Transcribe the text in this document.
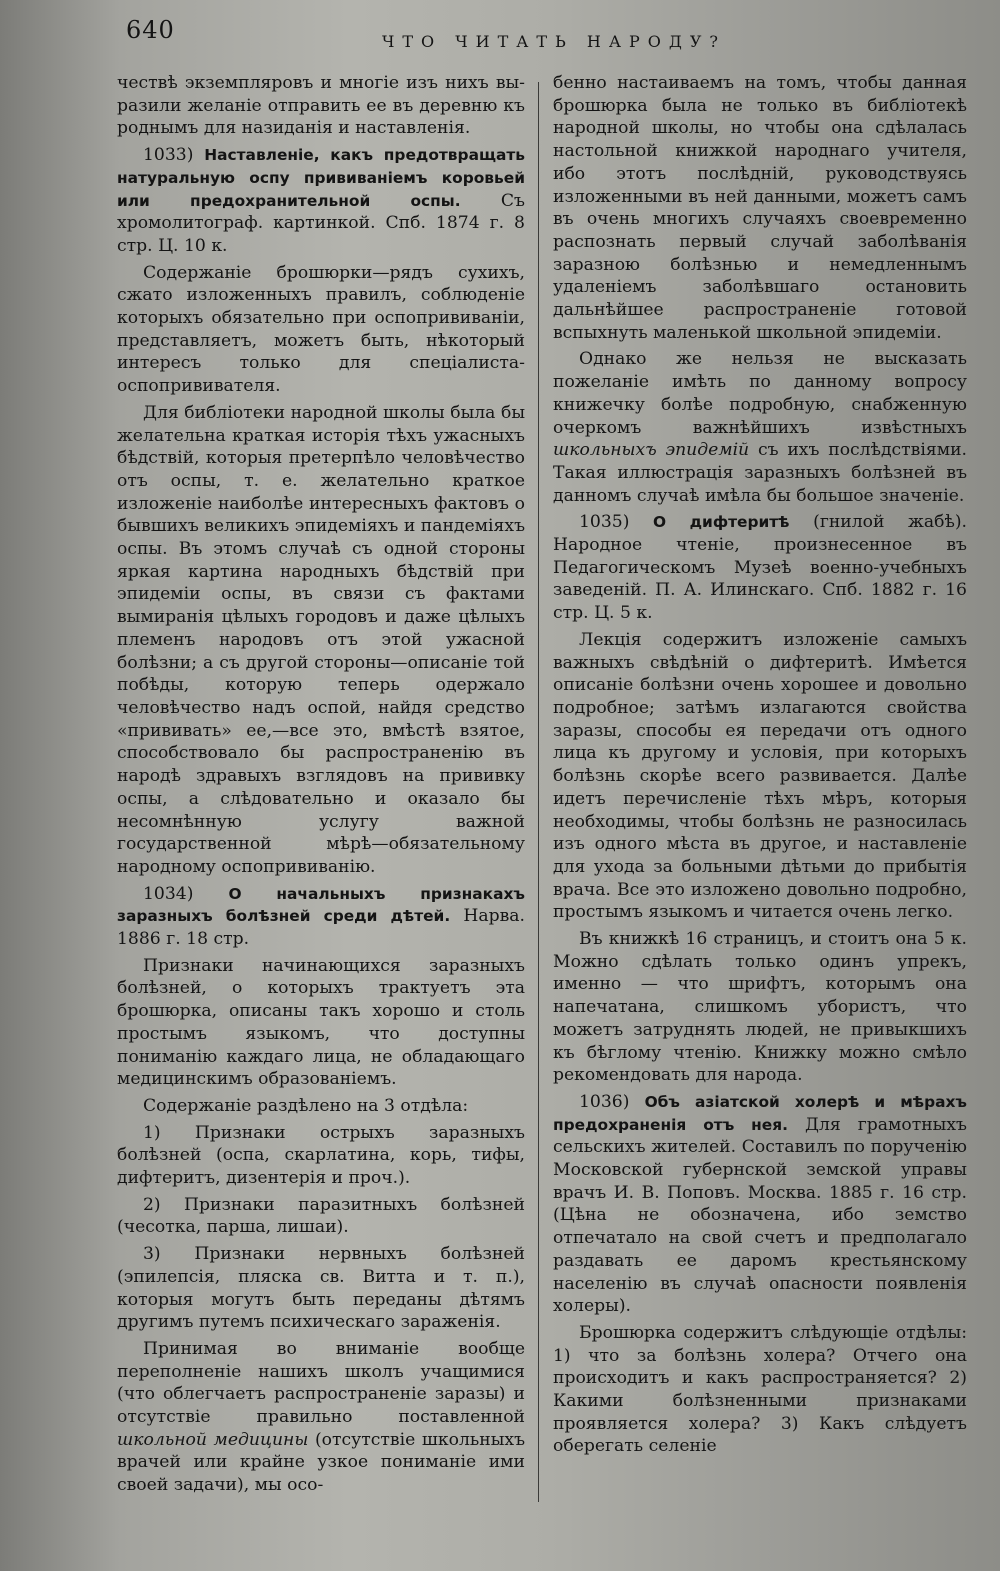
640	ЧТО ЧИТАТЬ НАРОДУ?

чествѣ экземпляровъ и многіе изъ нихъ вы-разили желаніе отправить ее въ деревню къ роднымъ для назиданія и наставленія.

1033) Наставленіе, какъ предотвращать натуральную оспу прививаніемъ коровьей или предохранительной оспы. Съ хромолитограф. картинкой. Спб. 1874 г. 8 стр. Ц. 10 к.

Содержаніе брошюрки—рядъ сухихъ, сжато изложенныхъ правилъ, соблюденіе которыхъ обязательно при оспопрививаніи, представляетъ, можетъ быть, нѣкоторый интересъ только для спеціалиста-оспопрививателя.

Для библіотеки народной школы была бы желательна краткая исторія тѣхъ ужасныхъ бѣдствій, которыя претерпѣло человѣчество отъ оспы, т. е. желательно краткое изложеніе наиболѣе интересныхъ фактовъ о бывшихъ великихъ эпидеміяхъ и пандеміяхъ оспы. Въ этомъ случаѣ съ одной стороны яркая картина народныхъ бѣдствій при эпидеміи оспы, въ связи съ фактами вымиранія цѣлыхъ городовъ и даже цѣлыхъ племенъ народовъ отъ этой ужасной болѣзни; а съ другой стороны—описаніе той побѣды, которую теперь одержало человѣчество надъ оспой, найдя средство «прививать» ее,—все это, вмѣстѣ взятое, способствовало бы распространенію въ народѣ здравыхъ взглядовъ на прививку оспы, а слѣдовательно и оказало бы несомнѣнную услугу важной государственной мѣрѣ—обязательному народному оспопрививанію.

1034) О начальныхъ признакахъ заразныхъ болѣзней среди дѣтей. Нарва. 1886 г. 18 стр.

Признаки начинающихся заразныхъ болѣзней, о которыхъ трактуетъ эта брошюрка, описаны такъ хорошо и столь простымъ языкомъ, что доступны пониманію каждаго лица, не обладающаго медицинскимъ образованіемъ.

Содержаніе раздѣлено на 3 отдѣла:

1) Признаки острыхъ заразныхъ болѣзней (оспа, скарлатина, корь, тифы, дифтеритъ, дизентерія и проч.).

2) Признаки паразитныхъ болѣзней (чесотка, парша, лишаи).

3) Признаки нервныхъ болѣзней (эпилепсія, пляска св. Витта и т. п.), которыя могутъ быть переданы дѣтямъ другимъ путемъ психическаго зараженія.

Принимая во вниманіе вообще переполненіе нашихъ школъ учащимися (что облегчаетъ распространеніе заразы) и отсутствіе правильно поставленной школьной медицины (отсутствіе школьныхъ врачей или крайне узкое пониманіе ими своей задачи), мы осо-

бенно настаиваемъ на томъ, чтобы данная брошюрка была не только въ библіотекѣ народной школы, но чтобы она сдѣлалась настольной книжкой народнаго учителя, ибо этотъ послѣдній, руководствуясь изложенными въ ней данными, можетъ самъ въ очень многихъ случаяхъ своевременно распознать первый случай заболѣванія заразною болѣзнью и немедленнымъ удаленіемъ заболѣвшаго остановить дальнѣйшее распространеніе готовой вспыхнуть маленькой школьной эпидеміи.

Однако же нельзя не высказать пожеланіе имѣть по данному вопросу книжечку болѣе подробную, снабженную очеркомъ важнѣйшихъ извѣстныхъ школьныхъ эпидемій съ ихъ послѣдствіями. Такая иллюстрація заразныхъ болѣзней въ данномъ случаѣ имѣла бы большое значеніе.

1035) О дифтеритѣ (гнилой жабѣ). Народное чтеніе, произнесенное въ Педагогическомъ Музеѣ военно-учебныхъ заведеній. П. А. Илинскаго. Спб. 1882 г. 16 стр. Ц. 5 к.

Лекція содержитъ изложеніе самыхъ важныхъ свѣдѣній о дифтеритѣ. Имѣется описаніе болѣзни очень хорошее и довольно подробное; затѣмъ излагаются свойства заразы, способы ея передачи отъ одного лица къ другому и условія, при которыхъ болѣзнь скорѣе всего развивается. Далѣе идетъ перечисленіе тѣхъ мѣръ, которыя необходимы, чтобы болѣзнь не разносилась изъ одного мѣста въ другое, и наставленіе для ухода за больными дѣтьми до прибытія врача. Все это изложено довольно подробно, простымъ языкомъ и читается очень легко.

Въ книжкѣ 16 страницъ, и стоитъ она 5 к. Можно сдѣлать только одинъ упрекъ, именно — что шрифтъ, которымъ она напечатана, слишкомъ убористъ, что можетъ затруднять людей, не привыкшихъ къ бѣглому чтенію. Книжку можно смѣло рекомендовать для народа.

1036) Объ азіатской холерѣ и мѣрахъ предохраненія отъ нея. Для грамотныхъ сельскихъ жителей. Составилъ по порученію Московской губернской земской управы врачъ И. В. Поповъ. Москва. 1885 г. 16 стр. (Цѣна не обозначена, ибо земство отпечатало на свой счетъ и предполагало раздавать ее даромъ крестьянскому населенію въ случаѣ опасности появленія холеры).

Брошюрка содержитъ слѣдующіе отдѣлы: 1) что за болѣзнь холера? Отчего она происходитъ и какъ распространяется? 2) Какими болѣзненными признаками проявляется холера? 3) Какъ слѣдуетъ оберегать селеніе
